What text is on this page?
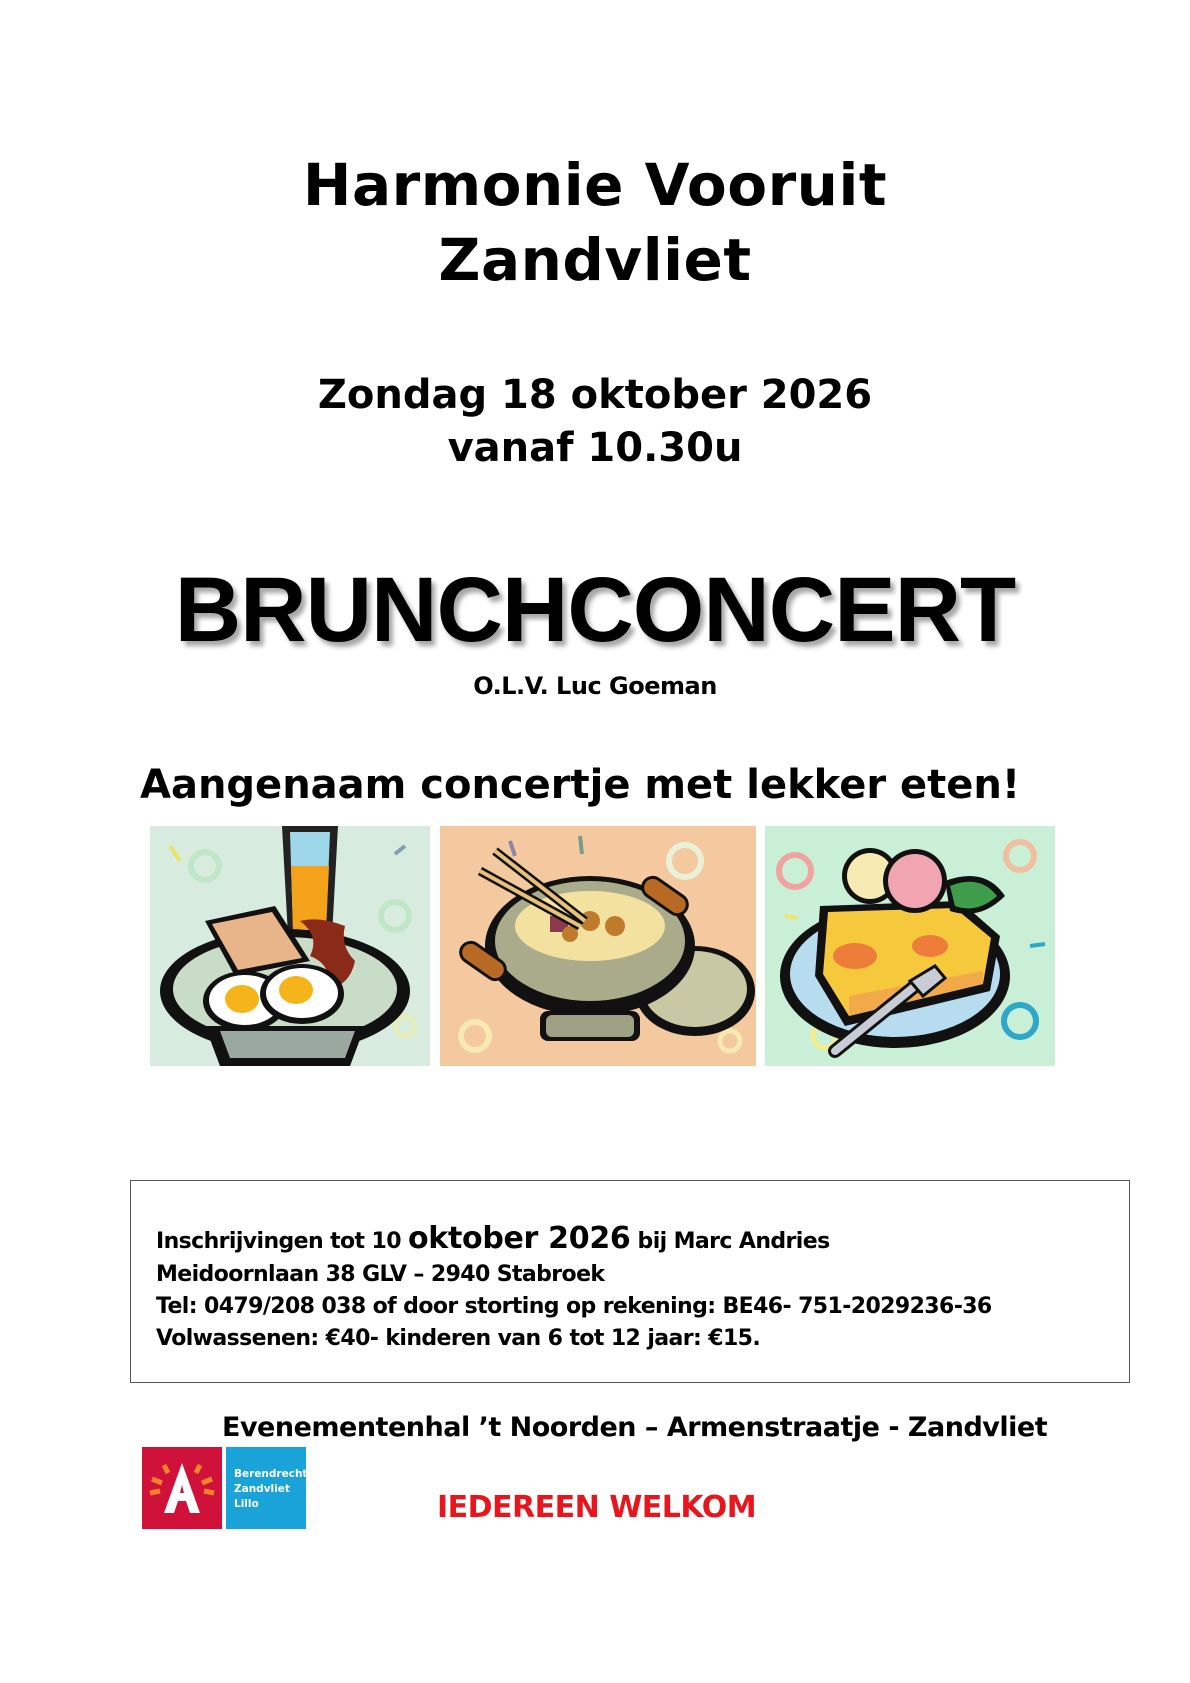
Harmonie Vooruit
Zandvliet
Zondag 18 oktober 2026
vanaf 10.30u
BRUNCHCONCERT
O.L.V. Luc Goeman
Aangenaam concertje met lekker eten!
Inschrijvingen tot 10 oktober 2026 bij Marc Andries
Meidoornlaan 38 GLV – 2940 Stabroek
Tel: 0479/208 038 of door storting op rekening: BE46- 751-2029236-36
Volwassenen: €40- kinderen van 6 tot 12 jaar: €15.
Evenementenhal ’t Noorden – Armenstraatje - Zandvliet
Berendrecht
Zandvliet
Lillo	IEDEREEN WELKOM
